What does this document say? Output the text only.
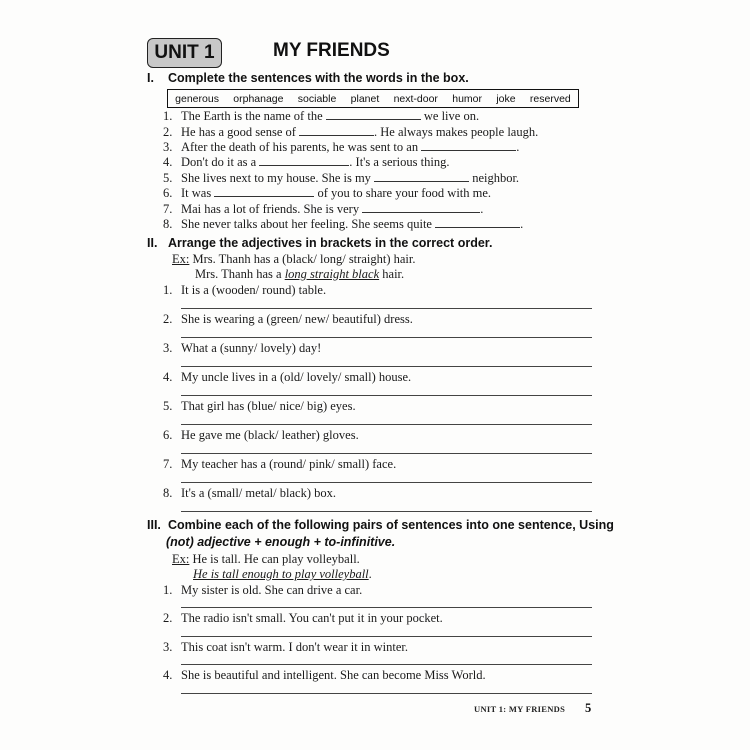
UNIT 1	MY FRIENDS
I. Complete the sentences with the words in the box.
generous orphanage sociable planet next-door humor joke reserved
1. The Earth is the name of the	we live on.
2. He has a good sense of	. He always makes people laugh.
3. After the death of his parents, he was sent to an	.
4. Don't do it as a	. It's a serious thing.
5. She lives next to my house. She is my	neighbor.
6. It was	of you to share your food with me.
7. Mai has a lot of friends. She is very	.
8. She never talks about her feeling. She seems quite	.
II. Arrange the adjectives in brackets in the correct order.
Ex: Mrs. Thanh has a (black/ long/ straight) hair.
Mrs. Thanh has a long straight black hair.
1. It is a (wooden/ round) table.
2. She is wearing a (green/ new/ beautiful) dress.
3. What a (sunny/ lovely) day!
4. My uncle lives in a (old/ lovely/ small) house.
5. That girl has (blue/ nice/ big) eyes.
6. He gave me (black/ leather) gloves.
7. My teacher has a (round/ pink/ small) face.
8. It's a (small/ metal/ black) box.
III. Combine each of the following pairs of sentences into one sentence, Using
(not) adjective + enough + to-infinitive.
Ex: He is tall. He can play volleyball.
He is tall enough to play volleyball.
1. My sister is old. She can drive a car.
2. The radio isn't small. You can't put it in your pocket.
3. This coat isn't warm. I don't wear it in winter.
4. She is beautiful and intelligent. She can become Miss World.
UNIT 1: MY FRIENDS 5
